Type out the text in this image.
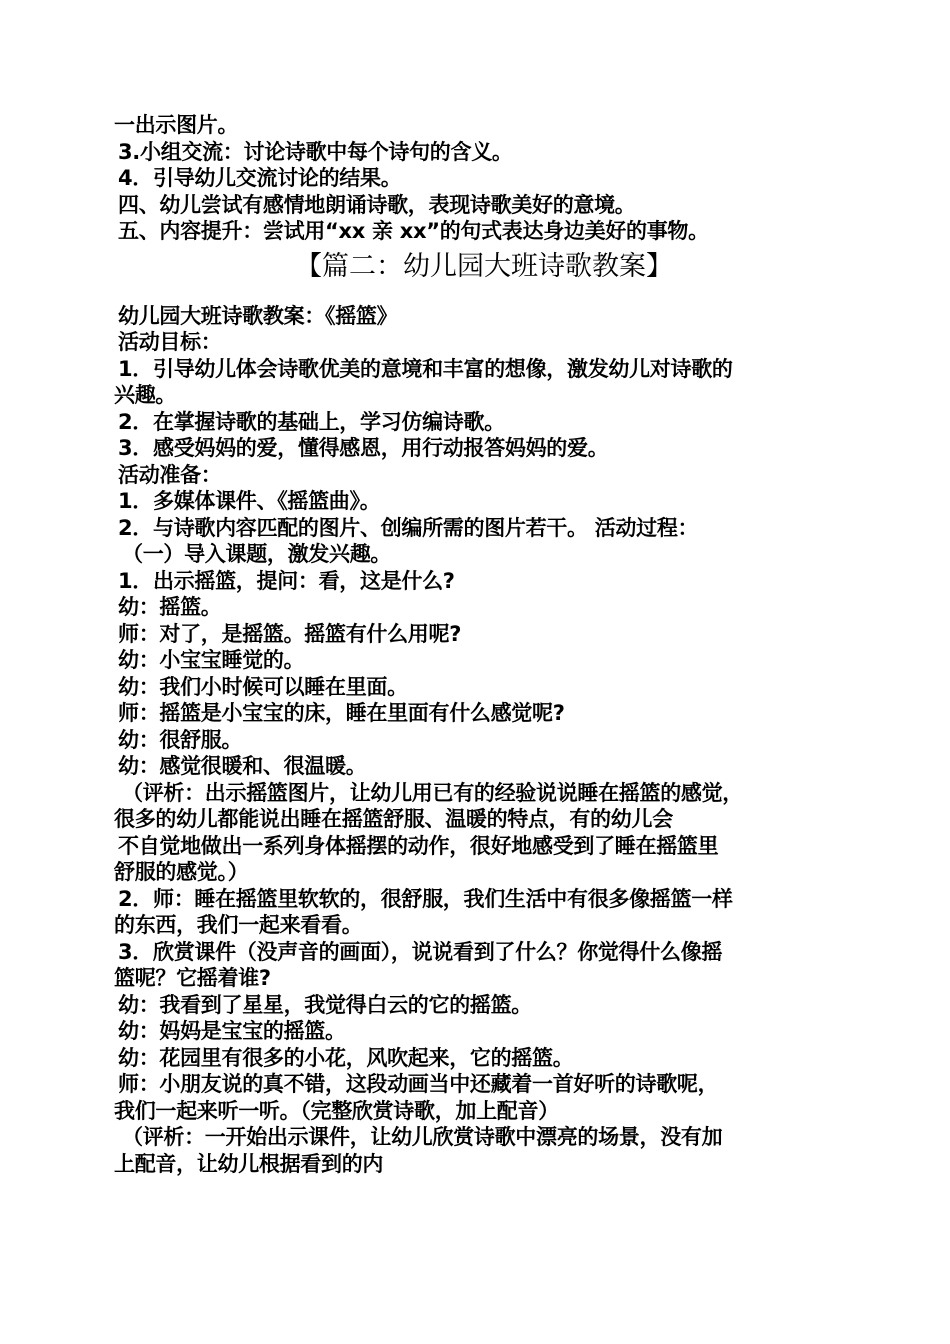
一出示图片。
3.小组交流：讨论诗歌中每个诗句的含义。
4．引导幼儿交流讨论的结果。
四、幼儿尝试有感情地朗诵诗歌，表现诗歌美好的意境。
五、内容提升：尝试用“xx 亲 xx”的句式表达身边美好的事物。
【篇二：幼儿园大班诗歌教案】
幼儿园大班诗歌教案：《摇篮》
活动目标：
1．引导幼儿体会诗歌优美的意境和丰富的想像，激发幼儿对诗歌的
兴趣。
2．在掌握诗歌的基础上，学习仿编诗歌。
3．感受妈妈的爱，懂得感恩，用行动报答妈妈的爱。
活动准备：
1．多媒体课件、《摇篮曲》。
2．与诗歌内容匹配的图片、创编所需的图片若干。 活动过程：
（一）导入课题，激发兴趣。
1．出示摇篮，提问：看，这是什么?
幼：摇篮。
师：对了，是摇篮。摇篮有什么用呢?
幼：小宝宝睡觉的。
幼：我们小时候可以睡在里面。
师：摇篮是小宝宝的床，睡在里面有什么感觉呢?
幼：很舒服。
幼：感觉很暖和、很温暖。
（评析：出示摇篮图片，让幼儿用已有的经验说说睡在摇篮的感觉，
很多的幼儿都能说出睡在摇篮舒服、温暖的特点，有的幼儿会
不自觉地做出一系列身体摇摆的动作，很好地感受到了睡在摇篮里
舒服的感觉。）
2．师：睡在摇篮里软软的，很舒服，我们生活中有很多像摇篮一样
的东西，我们一起来看看。
3．欣赏课件（没声音的画面），说说看到了什么？你觉得什么像摇
篮呢？它摇着谁?
幼：我看到了星星，我觉得白云的它的摇篮。
幼：妈妈是宝宝的摇篮。
幼：花园里有很多的小花，风吹起来，它的摇篮。
师：小朋友说的真不错，这段动画当中还藏着一首好听的诗歌呢，
我们一起来听一听。（完整欣赏诗歌，加上配音）
（评析：一开始出示课件，让幼儿欣赏诗歌中漂亮的场景，没有加
上配音，让幼儿根据看到的内
